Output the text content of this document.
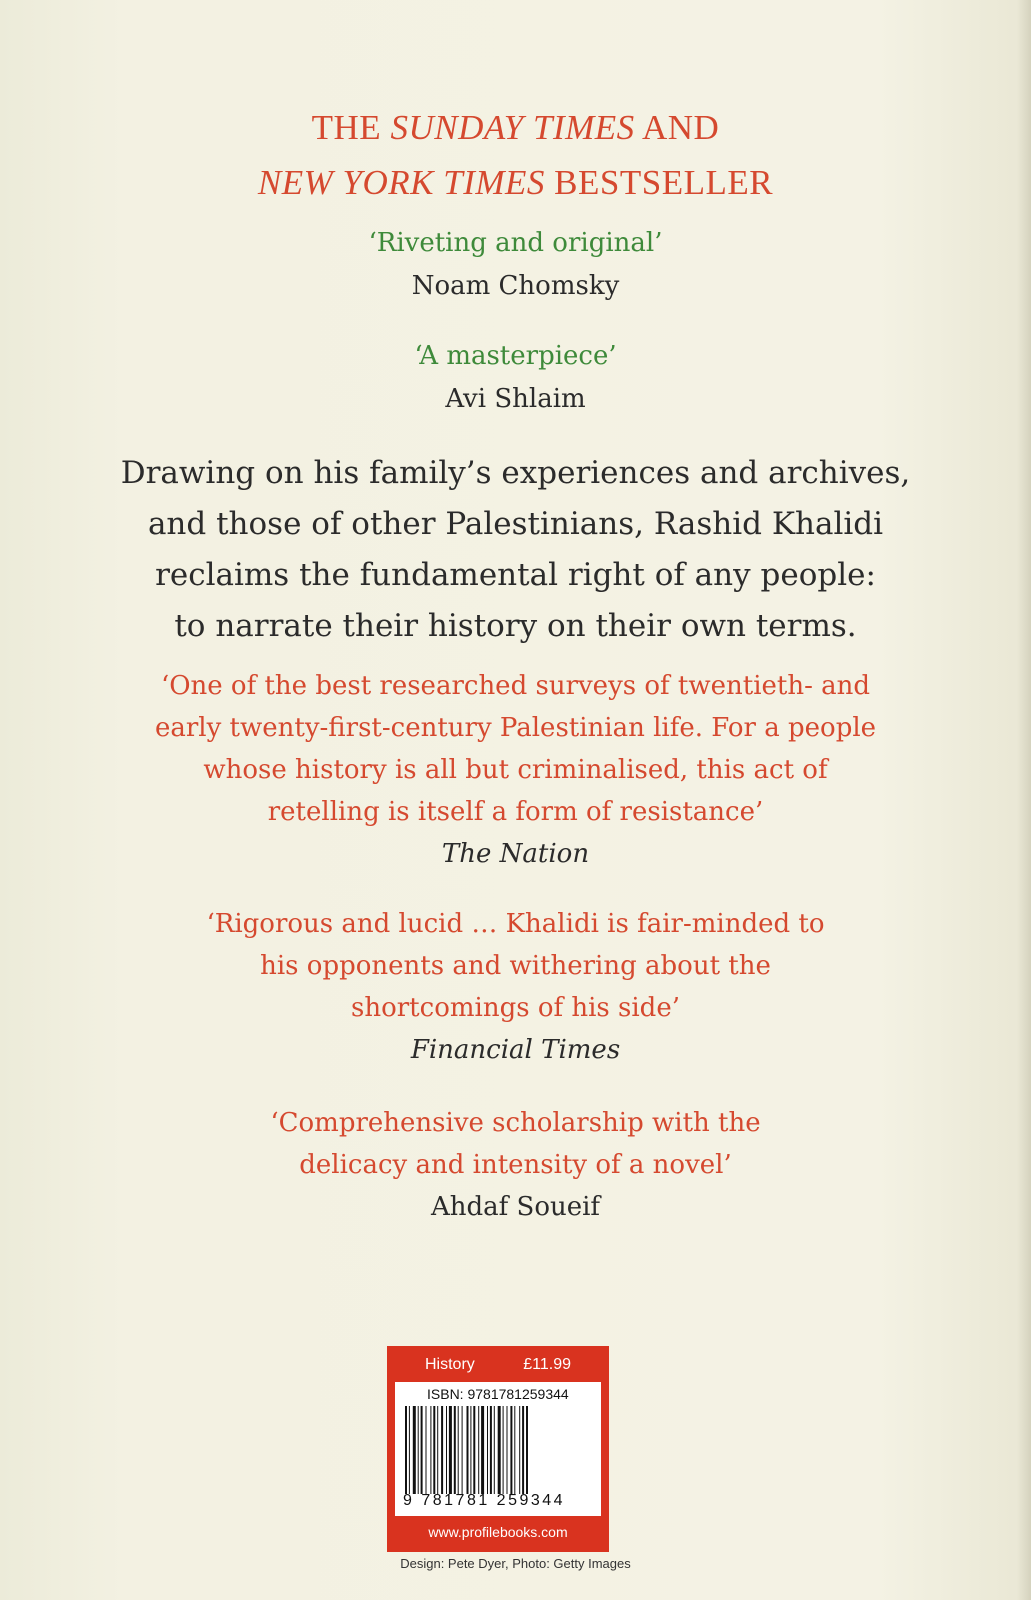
THE SUNDAY TIMES AND
NEW YORK TIMES BESTSELLER
‘Riveting and original’
Noam Chomsky
‘A masterpiece’
Avi Shlaim
Drawing on his family’s experiences and archives,
and those of other Palestinians, Rashid Khalidi
reclaims the fundamental right of any people:
to narrate their history on their own terms.
‘One of the best researched surveys of twentieth- and
early twenty-first-century Palestinian life. For a people
whose history is all but criminalised, this act of
retelling is itself a form of resistance’
The Nation
‘Rigorous and lucid … Khalidi is fair-minded to
his opponents and withering about the
shortcomings of his side’
Financial Times
‘Comprehensive scholarship with the
delicacy and intensity of a novel’
Ahdaf Soueif
History	£11.99
ISBN: 9781781259344
9 781781 259344
www.profilebooks.com
Design: Pete Dyer, Photo: Getty Images
